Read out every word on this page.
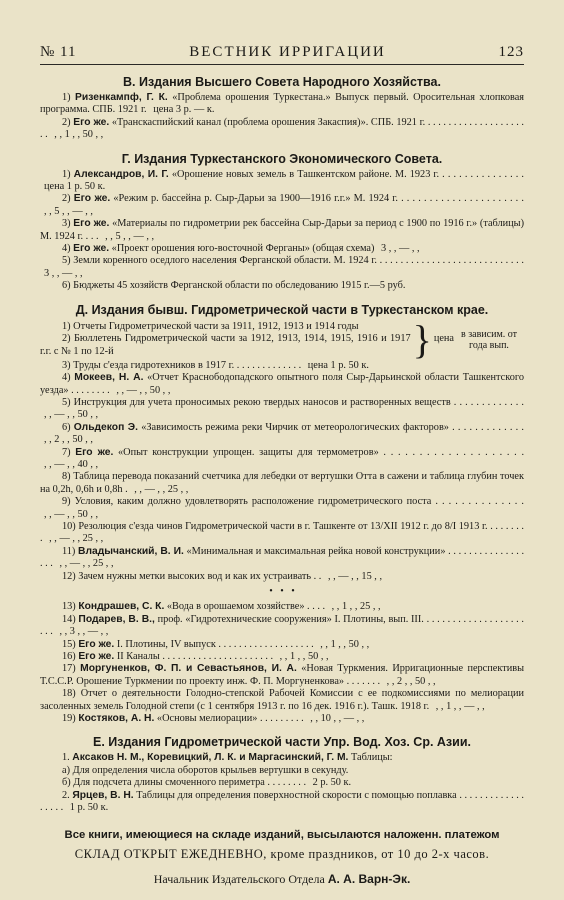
№ 11	ВЕСТНИК ИРРИГАЦИИ	123
В. Издания Высшего Совета Народного Хозяйства.

1) Ризенкампф, Г. К. «Проблема орошения Туркестана.» Выпуск первый. Оросительная хлопковая программа. СПБ. 1921 г. цена 3 р. — к.

2) Его же. «Транскаспийский канал (проблема орошения Закаспия)». СПБ. 1921 г. . . . . . . . . . . . . . . . . . . . . . , , 1 , , 50 , ,

Г. Издания Туркестанского Экономического Совета.

1) Александров, И. Г. «Орошение новых земель в Ташкентском районе. М. 1923 г. . . . . . . . . . . . . . . . цена 1 р. 50 к.

2) Его же. «Режим р. бассейна р. Сыр-Дарьи за 1900—1916 г.г.» М. 1924 г. . . . . . . . . . . . . . . . . . . . . . . , , 5 , , — , ,

3) Его же. «Материалы по гидрометрии рек бассейна Сыр-Дарьи за период с 1900 по 1916 г.» (таблицы) М. 1924 г. . . . , , 5 , , — , ,

4) Его же. «Проект орошения юго-восточной Ферганы» (общая схема) 3 , , — , ,

5) Земли коренного оседлого населения Ферганской области. М. 1924 г. . . . . . . . . . . . . . . . . . . . . . . . . . . . . 3 , , — , ,

6) Бюджеты 45 хозяйств Ферганской области по обследованию 1915 г.—5 руб.

Д. Издания бывш. Гидрометрической части в Туркестанском крае.

1) Отчеты Гидрометрической части за 1911, 1912, 1913 и 1914 годы

2) Бюллетень Гидрометрической части за 1912, 1913, 1914, 1915, 1916 и 1917 г.г. с № 1 по 12-й	} цена в зависим. от года вып.

3) Труды с'езда гидротехников в 1917 г. . . . . . . . . . . . . . цена 1 р. 50 к.

4) Мокеев, Н. А. «Отчет Краснободопадского опытного поля Сыр-Дарьинской области Ташкентского уезда» . . . . . . . . , , — , , 50 , ,

5) Инструкция для учета проносимых рекою твердых наносов и растворенных веществ . . . . . . . . . . . . . , , — , , 50 , ,

6) Ольдекоп Э. «Зависимость режима реки Чирчик от метеорологических факторов» . . . . . . . . . . . . . , , 2 , , 50 , ,

7) Его же. «Опыт конструкции упрощен. защиты для термометров» . . . . . . . . . . . . . . . . . . . . , , — , , 40 , ,

8) Таблица перевода показаний счетчика для лебедки от вертушки Отта в сажени и таблица глубин точек на 0,2h, 0,6h и 0,8h . , , — , , 25 , ,

9) Условия, каким должно удовлетворять расположение гидрометрического поста . . . . . . . . . . . . . . , , — , , 50 , ,

10) Резолюция с'езда чинов Гидрометрической части в г. Ташкенте от 13/XII 1912 г. до 8/I 1913 г. . . . . . . . . , , — , , 25 , ,

11) Владычанский, В. И. «Минимальная и максимальная рейка новой конструкции» . . . . . . . . . . . . . . . . . . , , — , , 25 , ,

12) Зачем нужны метки высоких вод и как их устраивать . . , , — , , 15 , ,

•   •   •

13) Кондрашев, С. К. «Вода в орошаемом хозяйстве» . . . . , , 1 , , 25 , ,

14) Подарев, В. В., проф. «Гидротехнические сооружения» I. Плотины, вып. III. . . . . . . . . . . . . . . . . . . . . . . , , 3 , , — , ,

15) Его же. I. Плотины, IV выпуск . . . . . . . . . . . . . . . . . . . , , 1 , , 50 , ,

16) Его же. II Каналы . . . . . . . . . . . . . . . . . . . . . . , , 1 , , 50 , ,

17) Моргуненков, Ф. П. и Севастьянов, И. А. «Новая Туркмения. Ирригационные перспективы Т.С.С.Р. Орошение Туркмении по проекту инж. Ф. П. Моргуненкова» . . . . . . . , , 2 , , 50 , ,

18) Отчет о деятельности Голодно-степской Рабочей Комиссии с ее подкомиссиями по мелиорации засоленных земель Голодной степи (с 1 сентября 1913 г. по 16 дек. 1916 г.). Ташк. 1918 г. , , 1 , , — , ,

19) Костяков, А. Н. «Основы мелиорации» . . . . . . . . . , , 10 , , — , ,

Е. Издания Гидрометрической части Упр. Вод. Хоз. Ср. Азии.

1. Аксаков Н. М., Коревицкий, Л. К. и Маргасинский, Г. М. Таблицы:

а) Для определения числа оборотов крыльев вертушки в секунду.

б) Для подсчета длины смоченного периметра . . . . . . . . 2 р. 50 к.

2. Ярцев, В. Н. Таблицы для определения поверхностной скорости с помощью поплавка . . . . . . . . . . . . . . . . . . 1 р. 50 к.

Все книги, имеющиеся на складе изданий, высылаются наложенн. платежом
СКЛАД ОТКРЫТ ЕЖЕДНЕВНО, кроме праздников, от 10 до 2-х часов.
Начальник Издательского Отдела А. А. Варн-Эк.
